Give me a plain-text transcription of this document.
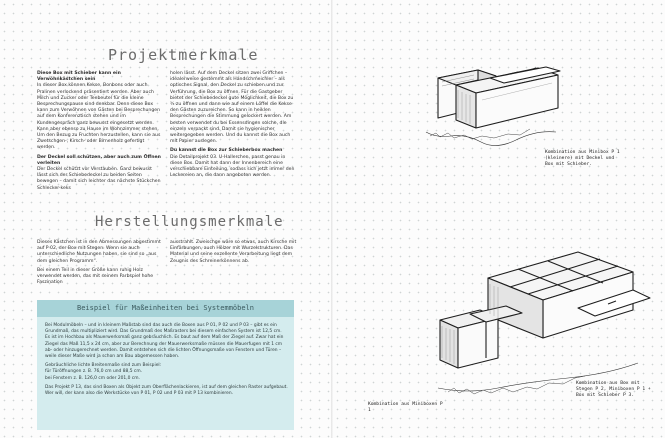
Projektmerkmale

Diese Box mit Schieber kann ein Verwöhnkästchen sein
In dieser Box können Kekse, Bonbons oder auch Pralinen verlockend präsentiert werden. Aber auch Milch und Zucker oder Teebeutel für die kleine Besprechungspause sind denkbar. Denn diese Box kann zum Verwöhnen von Gästen bei Besprechungen auf dem Konferenztisch stehen und im Kundengespräch ganz bewusst eingesetzt werden. Kann aber ebenso zu Hause im Wohnzimmer stehen. Um den Bezug zu Fruchten herzustellen, kann sie aus Zwetschgen-, Kirsch- oder Birnenholz gefertigt werden.

Der Deckel soll schützen, aber auch zum Öffnen verleiten
Der Deckel schützt vor Verstauben. Ganz bewusst lässt sich der Schiebedeckel zu beiden Seiten bewegen – damit sich leichter das nächste Stückchen Schlecker-keks

holen lässt. Auf dem Deckel sitzen zwei Griffchen – idealerweise gestemmt als Handschmeichler – als optisches Signal, den Deckel zu schieben und zur Verführung, die Box zu öffnen. Für die Gastgeber bietet der Schiebedeckel gute Möglichkeit, die Box zu ¾ zu öffnen und dann wie auf einem Löffel die Kekse den Gästen zuzureichen. So kann in heiklen Besprechungen die Stimmung gelockert werden. Am besten verwendet du bei Essensdingen solche, die einzeln verpackt sind. Damit sie hygienischer weitergegeben werden. Und du kannst die Box auch mit Papier auslegen.

Du kannst die Box zur Schieberbox machen
Die Detailprojekt 03. U-Hallerchen, passt genau in diese Box. Damit hat dann der Innenbereich eine verschiebbare Einteilung, sodass sich jetzt immer den Leckereien an, die dann angeboten werden.

Herstellungsmerkmale

Dieses Kästchen ist in den Abmessungen abgestimmt auf P 02, der Box mit Stegen. Wenn sie auch unterschiedliche Nutzungen haben, sie sind so „aus dem gleichen Programm“.

Bei einem Teil in dieser Größe kann ruhig Holz verwendet werden, das mit seinem Farbspiel hohe Faszination

ausstrahlt. Zweischge wäre so etwas, auch Kirsche mit Einfärbungen, auch Hölzer mit Wurzelstrukturen. Das Material und seine exzellente Verarbeitung liegt dem Zeugnis des Schreinerkönnens ab.

Beispiel für Maßeinheiten bei Systemmöbeln

Bei Modulmöbeln – und in kleinem Maßstab sind das auch die Boxen aus P 01, P 02 und P 03 – gibt es ein Grundmaß, das multipliziert wird. Das Grundmaß des Maßrasters bei diesem einfachen System ist 12,5 cm. Es ist im Hochbau als Mauerwerksmaß ganz gebräuchlich. Es baut auf dem Maß der Ziegel auf. Zwar hat ein Ziegel das Maß 11,5 x 24 cm, aber zur Berechnung der Mauerwerksmaße müssen die Mauerfugen mit 1 cm ab- oder hinzugerechnet werden. Damit entstehen sich die lichten Öffnungsmaße von Fenstern und Türen – weile dieser Maße wird ja schon am Bau abgemessen haben.

Gebräuchliche lichte Breitenmaße sind zum Beispiel:
für Türöffnungen z. B. 76,0 cm und 88,5 cm.
bei Fenstern z. B. 126,0 cm oder 201,0 cm.

Das Projekt P 13, das sind Boxen als Objekt zum Oberflächenlackieren, ist auf dem gleichen Raster aufgebaut. Wer will, der kann also die Werkstücke von P 01, P 02 und P 03 mit P 13 kombinieren.

Kombination aus Minibox P 1 (kleinere) mit Deckel und Box mit Schieber.
Kombination aus Miniboxen P 1
Kombination aus Box mit Stegen P 2, Miniboxen P 1 + Box mit Schieber P 3.
